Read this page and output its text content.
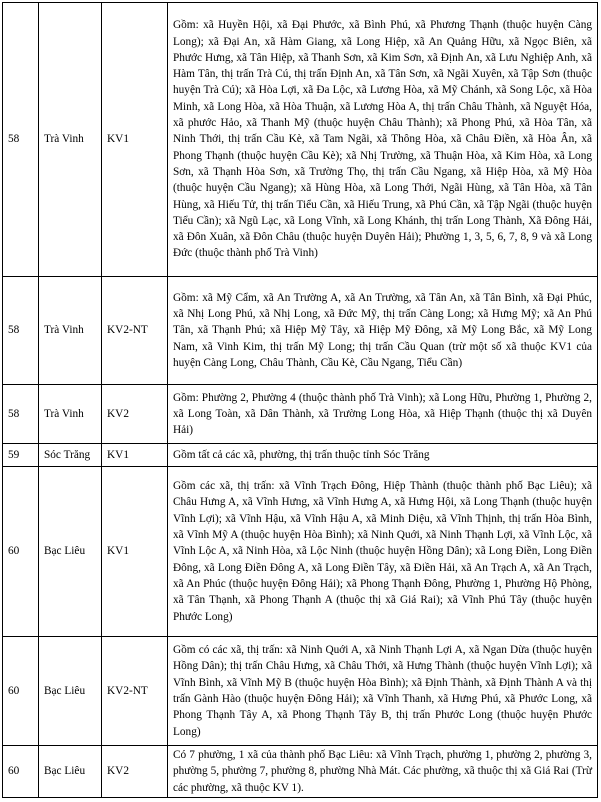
58	Trà Vinh	KV1	Gồm: xã Huyền Hội, xã Đại Phước, xã Bình Phú, xã Phương Thạnh (thuộc huyện Càng Long); xã Đại An, xã Hàm Giang, xã Long Hiệp, xã An Quảng Hữu, xã Ngọc Biên, xã Phước Hưng, xã Tân Hiệp, xã Thanh Sơn, xã Kim Sơn, xã Định An, xã Lưu Nghiệp Anh, xã Hàm Tân, thị trấn Trà Cú, thị trấn Định An, xã Tân Sơn, xã Ngãi Xuyên, xã Tập Sơn (thuộc huyện Trà Cú); xã Hòa Lợi, xã Đa Lộc, xã Lương Hòa, xã Mỹ Chánh, xã Song Lộc, xã Hòa Minh, xã Long Hòa, xã Hòa Thuận, xã Lương Hòa A, thị trấn Châu Thành, xã Nguyệt Hóa, xã phước Hảo, xã Thanh Mỹ (thuộc huyện Châu Thành); xã Phong Phú, xã Hòa Tân, xã Ninh Thới, thị trấn Cầu Kè, xã Tam Ngãi, xã Thông Hòa, xã Châu Điền, xã Hòa Ân, xã Phong Thạnh (thuộc huyện Cầu Kè); xã Nhị Trường, xã Thuận Hòa, xã Kim Hòa, xã Long Sơn, xã Thạnh Hòa Sơn, xã Trường Thọ, thị trấn Cầu Ngang, xã Hiệp Hòa, xã Mỹ Hòa (thuộc huyện Cầu Ngang); xã Hùng Hòa, xã Long Thới, Ngãi Hùng, xã Tân Hòa, xã Tân Hùng, xã Hiếu Tử, thị trấn Tiểu Cần, xã Hiếu Trung, xã Phú Cần, xã Tập Ngãi (thuộc huyện Tiểu Cần); xã Ngũ Lạc, xã Long Vĩnh, xã Long Khánh, thị trấn Long Thành, Xã Đông Hải, xã Đôn Xuân, xã Đôn Châu (thuộc huyện Duyên Hải); Phường 1, 3, 5, 6, 7, 8, 9 và xã Long Đức (thuộc thành phố Trà Vinh)
58	Trà Vinh	KV2-NT	Gồm: xã Mỹ Cẩm, xã An Trường A, xã An Trường, xã Tân An, xã Tân Bình, xã Đại Phúc, xã Nhị Long Phú, xã Nhị Long, xã Đức Mỹ, thị trấn Càng Long; xã Hưng Mỹ; xã An Phú Tân, xã Thạnh Phú; xã Hiệp Mỹ Tây, xã Hiệp Mỹ Đông, xã Mỹ Long Bắc, xã Mỹ Long Nam, xã Vinh Kim, thị trấn Mỹ Long; thị trấn Cầu Quan (trừ một số xã thuộc KV1 của huyện Càng Long, Châu Thành, Cầu Kè, Cầu Ngang, Tiểu Cần)
58	Trà Vinh	KV2	Gồm: Phường 2, Phường 4 (thuộc thành phố Trà Vinh); xã Long Hữu, Phường 1, Phường 2, xã Long Toàn, xã Dân Thành, xã Trường Long Hòa, xã Hiệp Thạnh (thuộc thị xã Duyên Hải)
59	Sóc Trăng	KV1	Gồm tất cả các xã, phường, thị trấn thuộc tỉnh Sóc Trăng
60	Bạc Liêu	KV1	Gồm các xã, thị trấn: xã Vĩnh Trạch Đông, Hiệp Thành (thuộc thành phố Bạc Liêu); xã Châu Hưng A, xã Vĩnh Hưng, xã Vĩnh Hưng A, xã Hưng Hội, xã Long Thạnh (thuộc huyện Vĩnh Lợi); xã Vĩnh Hậu, xã Vĩnh Hậu A, xã Minh Diệu, xã Vĩnh Thịnh, thị trấn Hòa Bình, xã Vĩnh Mỹ A (thuộc huyện Hòa Bình); xã Ninh Quới, xã Ninh Thạnh Lợi, xã Vĩnh Lộc, xã Vĩnh Lộc A, xã Ninh Hòa, xã Lộc Ninh (thuộc huyện Hồng Dân); xã Long Điền, Long Điền Đông, xã Long Điền Đông A, xã Long Điền Tây, xã Điền Hải, xã An Trạch A, xã An Trạch, xã An Phúc (thuộc huyện Đông Hải); xã Phong Thạnh Đông, Phường 1, Phường Hộ Phòng, xã Tân Thạnh, xã Phong Thạnh A (thuộc thị xã Giá Rai); xã Vĩnh Phú Tây (thuộc huyện Phước Long)
60	Bạc Liêu	KV2-NT	Gồm có các xã, thị trấn: xã Ninh Quới A, xã Ninh Thạnh Lợi A, xã Ngan Dừa (thuộc huyện Hồng Dân); thị trấn Châu Hưng, xã Châu Thới, xã Hưng Thành (thuộc huyện Vĩnh Lợi); xã Vĩnh Bình, xã Vĩnh Mỹ B (thuộc huyện Hòa Bình); xã Định Thành, xã Định Thành A và thị trấn Gành Hào (thuộc huyện Đông Hải); xã Vĩnh Thanh, xã Hưng Phú, xã Phước Long, xã Phong Thạnh Tây A, xã Phong Thạnh Tây B, thị trấn Phước Long (thuộc huyện Phước Long)
60	Bạc Liêu	KV2	Có 7 phường, 1 xã của thành phố Bạc Liêu: xã Vĩnh Trạch, phường 1, phường 2, phường 3, phường 5, phường 7, phường 8, phường Nhà Mát. Các phường, xã thuộc thị xã Giá Rai (Trừ các phường, xã thuộc KV 1).
